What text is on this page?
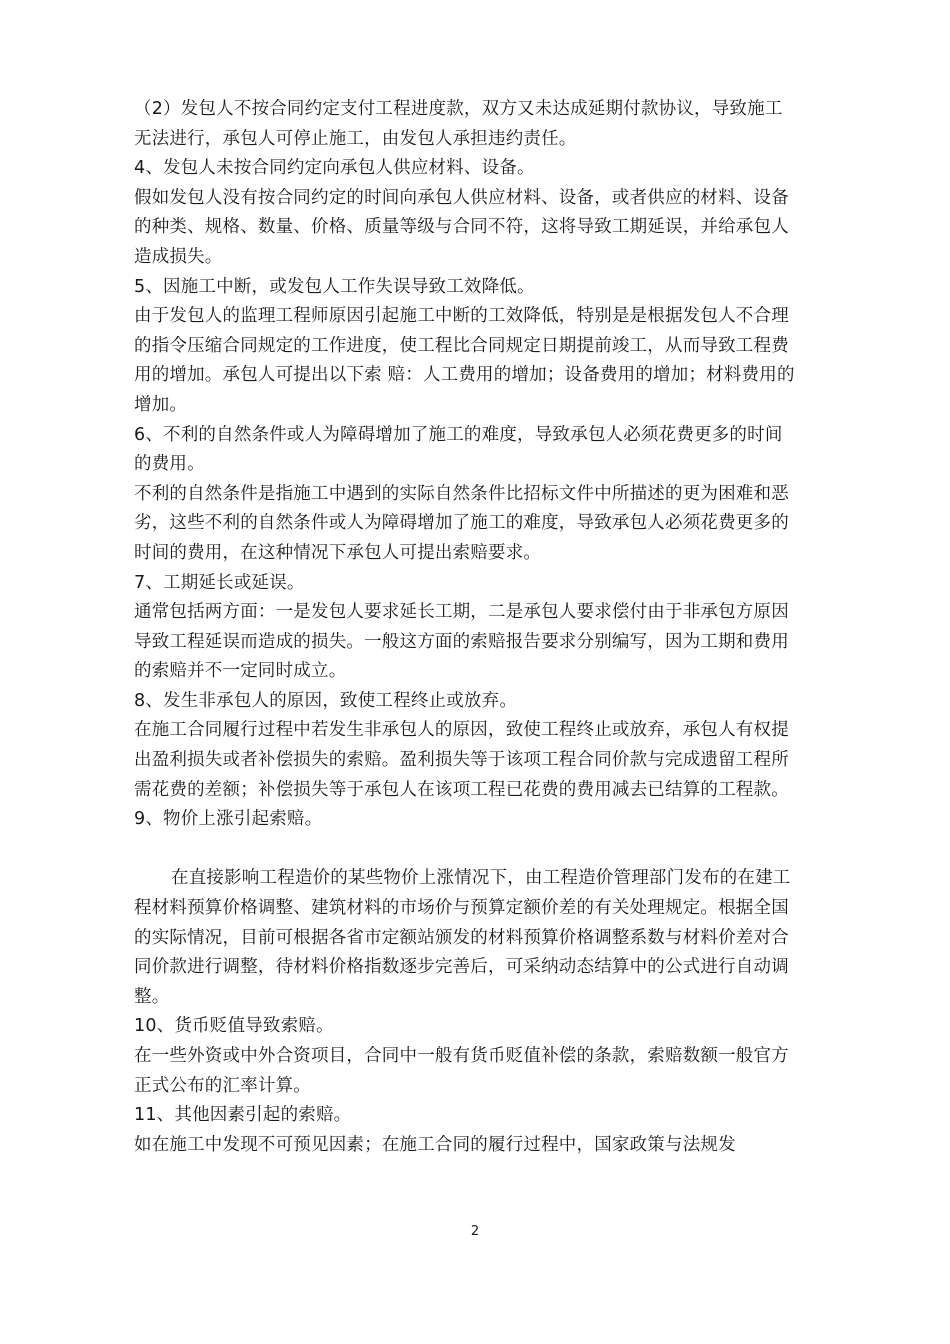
（2）发包人不按合同约定支付工程进度款，双方又未达成延期付款协议，导致施工无法进行，承包人可停止施工，由发包人承担违约责任。

4、发包人未按合同约定向承包人供应材料、设备。

假如发包人没有按合同约定的时间向承包人供应材料、设备，或者供应的材料、设备的种类、规格、数量、价格、质量等级与合同不符，这将导致工期延误，并给承包人造成损失。

5、因施工中断，或发包人工作失误导致工效降低。

由于发包人的监理工程师原因引起施工中断的工效降低，特别是是根据发包人不合理的指令压缩合同规定的工作进度，使工程比合同规定日期提前竣工，从而导致工程费用的增加。承包人可提出以下索 赔：人工费用的增加；设备费用的增加；材料费用的增加。

6、不利的自然条件或人为障碍增加了施工的难度，导致承包人必须花费更多的时间的费用。

不利的自然条件是指施工中遇到的实际自然条件比招标文件中所描述的更为困难和恶劣，这些不利的自然条件或人为障碍增加了施工的难度，导致承包人必须花费更多的时间的费用，在这种情况下承包人可提出索赔要求。

7、工期延长或延误。

通常包括两方面：一是发包人要求延长工期，二是承包人要求偿付由于非承包方原因导致工程延误而造成的损失。一般这方面的索赔报告要求分别编写，因为工期和费用的索赔并不一定同时成立。

8、发生非承包人的原因，致使工程终止或放弃。

在施工合同履行过程中若发生非承包人的原因，致使工程终止或放弃，承包人有权提出盈利损失或者补偿损失的索赔。盈利损失等于该项工程合同价款与完成遗留工程所需花费的差额；补偿损失等于承包人在该项工程已花费的费用减去已结算的工程款。

9、物价上涨引起索赔。

在直接影响工程造价的某些物价上涨情况下，由工程造价管理部门发布的在建工程材料预算价格调整、建筑材料的市场价与预算定额价差的有关处理规定。根据全国的实际情况，目前可根据各省市定额站颁发的材料预算价格调整系数与材料价差对合同价款进行调整，待材料价格指数逐步完善后，可采纳动态结算中的公式进行自动调整。

10、货币贬值导致索赔。

在一些外资或中外合资项目，合同中一般有货币贬值补偿的条款，索赔数额一般官方正式公布的汇率计算。

11、其他因素引起的索赔。

如在施工中发现不可预见因素；在施工合同的履行过程中，国家政策与法规发

2
